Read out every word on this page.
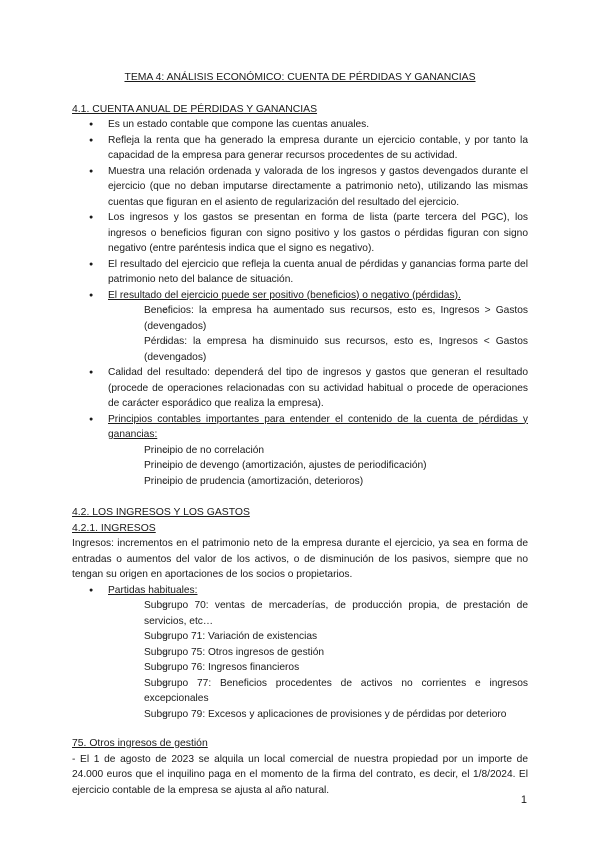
TEMA 4: ANÁLISIS ECONÓMICO: CUENTA DE PÉRDIDAS Y GANANCIAS

4.1. CUENTA ANUAL DE PÉRDIDAS Y GANANCIAS

● Es un estado contable que compone las cuentas anuales.
● Refleja la renta que ha generado la empresa durante un ejercicio contable, y por tanto la capacidad de la empresa para generar recursos procedentes de su actividad.
● Muestra una relación ordenada y valorada de los ingresos y gastos devengados durante el ejercicio (que no deban imputarse directamente a patrimonio neto), utilizando las mismas cuentas que figuran en el asiento de regularización del resultado del ejercicio.
● Los ingresos y los gastos se presentan en forma de lista (parte tercera del PGC), los ingresos o beneficios figuran con signo positivo y los gastos o pérdidas figuran con signo negativo (entre paréntesis indica que el signo es negativo).
● El resultado del ejercicio que refleja la cuenta anual de pérdidas y ganancias forma parte del patrimonio neto del balance de situación.
● El resultado del ejercicio puede ser positivo (beneficios) o negativo (pérdidas).
○ Beneficios: la empresa ha aumentado sus recursos, esto es, Ingresos > Gastos (devengados)
○ Pérdidas: la empresa ha disminuido sus recursos, esto es, Ingresos < Gastos (devengados)
● Calidad del resultado: dependerá del tipo de ingresos y gastos que generan el resultado (procede de operaciones relacionadas con su actividad habitual o procede de operaciones de carácter esporádico que realiza la empresa).
● Principios contables importantes para entender el contenido de la cuenta de pérdidas y ganancias:
○ Principio de no correlación
○ Principio de devengo (amortización, ajustes de periodificación)
○ Principio de prudencia (amortización, deterioros)

4.2. LOS INGRESOS Y LOS GASTOS

4.2.1. INGRESOS

Ingresos: incrementos en el patrimonio neto de la empresa durante el ejercicio, ya sea en forma de entradas o aumentos del valor de los activos, o de disminución de los pasivos, siempre que no tengan su origen en aportaciones de los socios o propietarios.

● Partidas habituales:
○ Subgrupo 70: ventas de mercaderías, de producción propia, de prestación de servicios, etc…
○ Subgrupo 71: Variación de existencias
○ Subgrupo 75: Otros ingresos de gestión
○ Subgrupo 76: Ingresos financieros
○ Subgrupo 77: Beneficios procedentes de activos no corrientes e ingresos excepcionales
○ Subgrupo 79: Excesos y aplicaciones de provisiones y de pérdidas por deterioro

75. Otros ingresos de gestión

- El 1 de agosto de 2023 se alquila un local comercial de nuestra propiedad por un importe de 24.000 euros que el inquilino paga en el momento de la firma del contrato, es decir, el 1/8/2024. El ejercicio contable de la empresa se ajusta al año natural.

1
